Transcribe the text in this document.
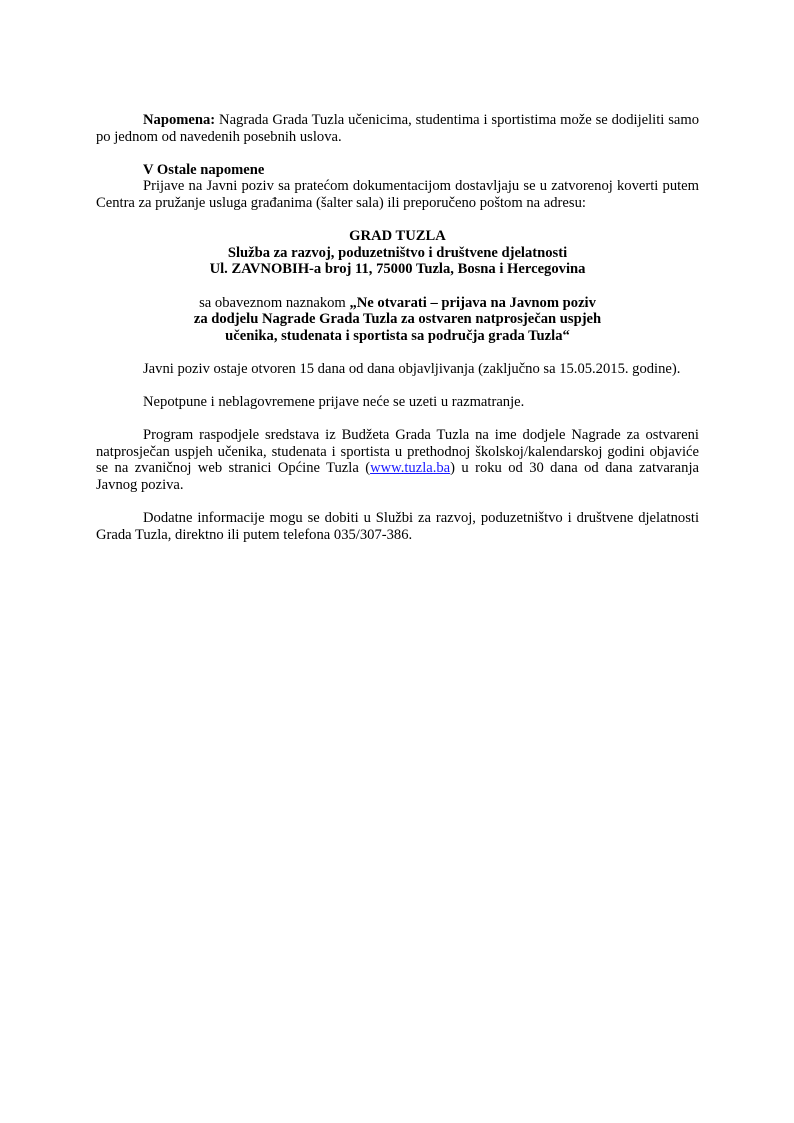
Napomena: Nagrada Grada Tuzla učenicima, studentima i sportistima može se dodijeliti samo po jednom od navedenih posebnih uslova.

V Ostale napomene

Prijave na Javni poziv sa pratećom dokumentacijom dostavljaju se u zatvorenoj koverti putem Centra za pružanje usluga građanima (šalter sala) ili preporučeno poštom na adresu:

GRAD TUZLA

Služba za razvoj, poduzetništvo i društvene djelatnosti

Ul. ZAVNOBIH-a broj 11, 75000 Tuzla, Bosna i Hercegovina

sa obaveznom naznakom „Ne otvarati – prijava na Javnom poziv

za dodjelu Nagrade Grada Tuzla za ostvaren natprosječan uspjeh

učenika, studenata i sportista sa područja grada Tuzla“

Javni poziv ostaje otvoren 15 dana od dana objavljivanja (zaključno sa 15.05.2015. godine).

Nepotpune i neblagovremene prijave neće se uzeti u razmatranje.

Program raspodjele sredstava iz Budžeta Grada Tuzla na ime dodjele Nagrade za ostvareni natprosječan uspjeh učenika, studenata i sportista u prethodnoj školskoj/kalendarskoj godini objaviće se na zvaničnoj web stranici Općine Tuzla (www.tuzla.ba) u roku od 30 dana od dana zatvaranja Javnog poziva.

Dodatne informacije mogu se dobiti u Službi za razvoj, poduzetništvo i društvene djelatnosti Grada Tuzla, direktno ili putem telefona 035/307-386.
